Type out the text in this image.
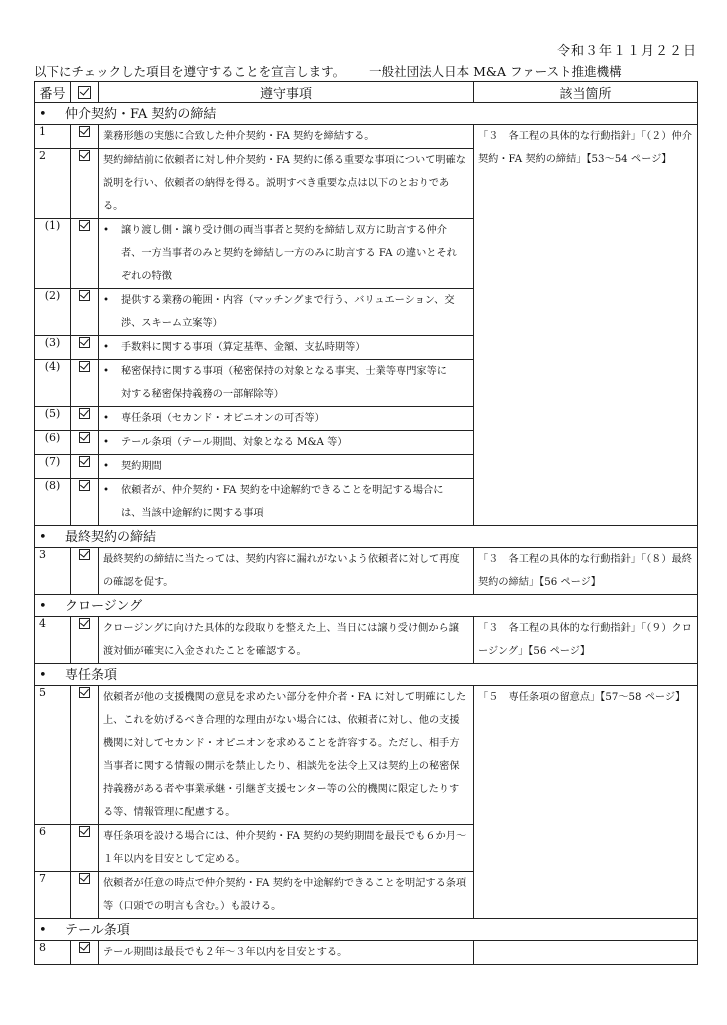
令和３年１１月２２日
以下にチェックした項目を遵守することを宣言します。 一般社団法人日本 M&A ファースト推進機構
番号		遵守事項	該当箇所
• 仲介契約・FA 契約の締結			
1		業務形態の実態に合致した仲介契約・FA 契約を締結する。	「３　各工程の具体的な行動指針」「（２）仲介契約・FA 契約の締結」【53～54 ページ】
2		契約締結前に依頼者に対し仲介契約・FA 契約に係る重要な事項について明確な説明を行い、依頼者の納得を得る。説明すべき重要な点は以下のとおりである。	
(1)		• 譲り渡し側・譲り受け側の両当事者と契約を締結し双方に助言する仲介者、一方当事者のみと契約を締結し一方のみに助言する FA の違いとそれぞれの特徴	
(2)		• 提供する業務の範囲・内容（マッチングまで行う、バリュエーション、交渉、スキーム立案等）	
(3)		• 手数料に関する事項（算定基準、金額、支払時期等）	
(4)		• 秘密保持に関する事項（秘密保持の対象となる事実、士業等専門家等に対する秘密保持義務の一部解除等）	
(5)		• 専任条項（セカンド・オピニオンの可否等）	
(6)		• テール条項（テール期間、対象となる M&A 等）	
(7)		• 契約期間	
(8)		• 依頼者が、仲介契約・FA 契約を中途解約できることを明記する場合には、当該中途解約に関する事項	
• 最終契約の締結			
3		最終契約の締結に当たっては、契約内容に漏れがないよう依頼者に対して再度の確認を促す。	「３　各工程の具体的な行動指針」「（８）最終契約の締結」【56 ページ】
• クロージング			
4		クロージングに向けた具体的な段取りを整えた上、当日には譲り受け側から譲渡対価が確実に入金されたことを確認する。	「３　各工程の具体的な行動指針」「（９）クロージング」【56 ページ】
• 専任条項			
5		依頼者が他の支援機関の意見を求めたい部分を仲介者・FA に対して明確にした上、これを妨げるべき合理的な理由がない場合には、依頼者に対し、他の支援機関に対してセカンド・オピニオンを求めることを許容する。ただし、相手方当事者に関する情報の開示を禁止したり、相談先を法令上又は契約上の秘密保持義務がある者や事業承継・引継ぎ支援センター等の公的機関に限定したりする等、情報管理に配慮する。	「５　専任条項の留意点」【57～58 ページ】
6		専任条項を設ける場合には、仲介契約・FA 契約の契約期間を最長でも６か月～１年以内を目安として定める。	
7		依頼者が任意の時点で仲介契約・FA 契約を中途解約できることを明記する条項等（口頭での明言も含む。）も設ける。	
• テール条項			
8		テール期間は最長でも２年～３年以内を目安とする。	
